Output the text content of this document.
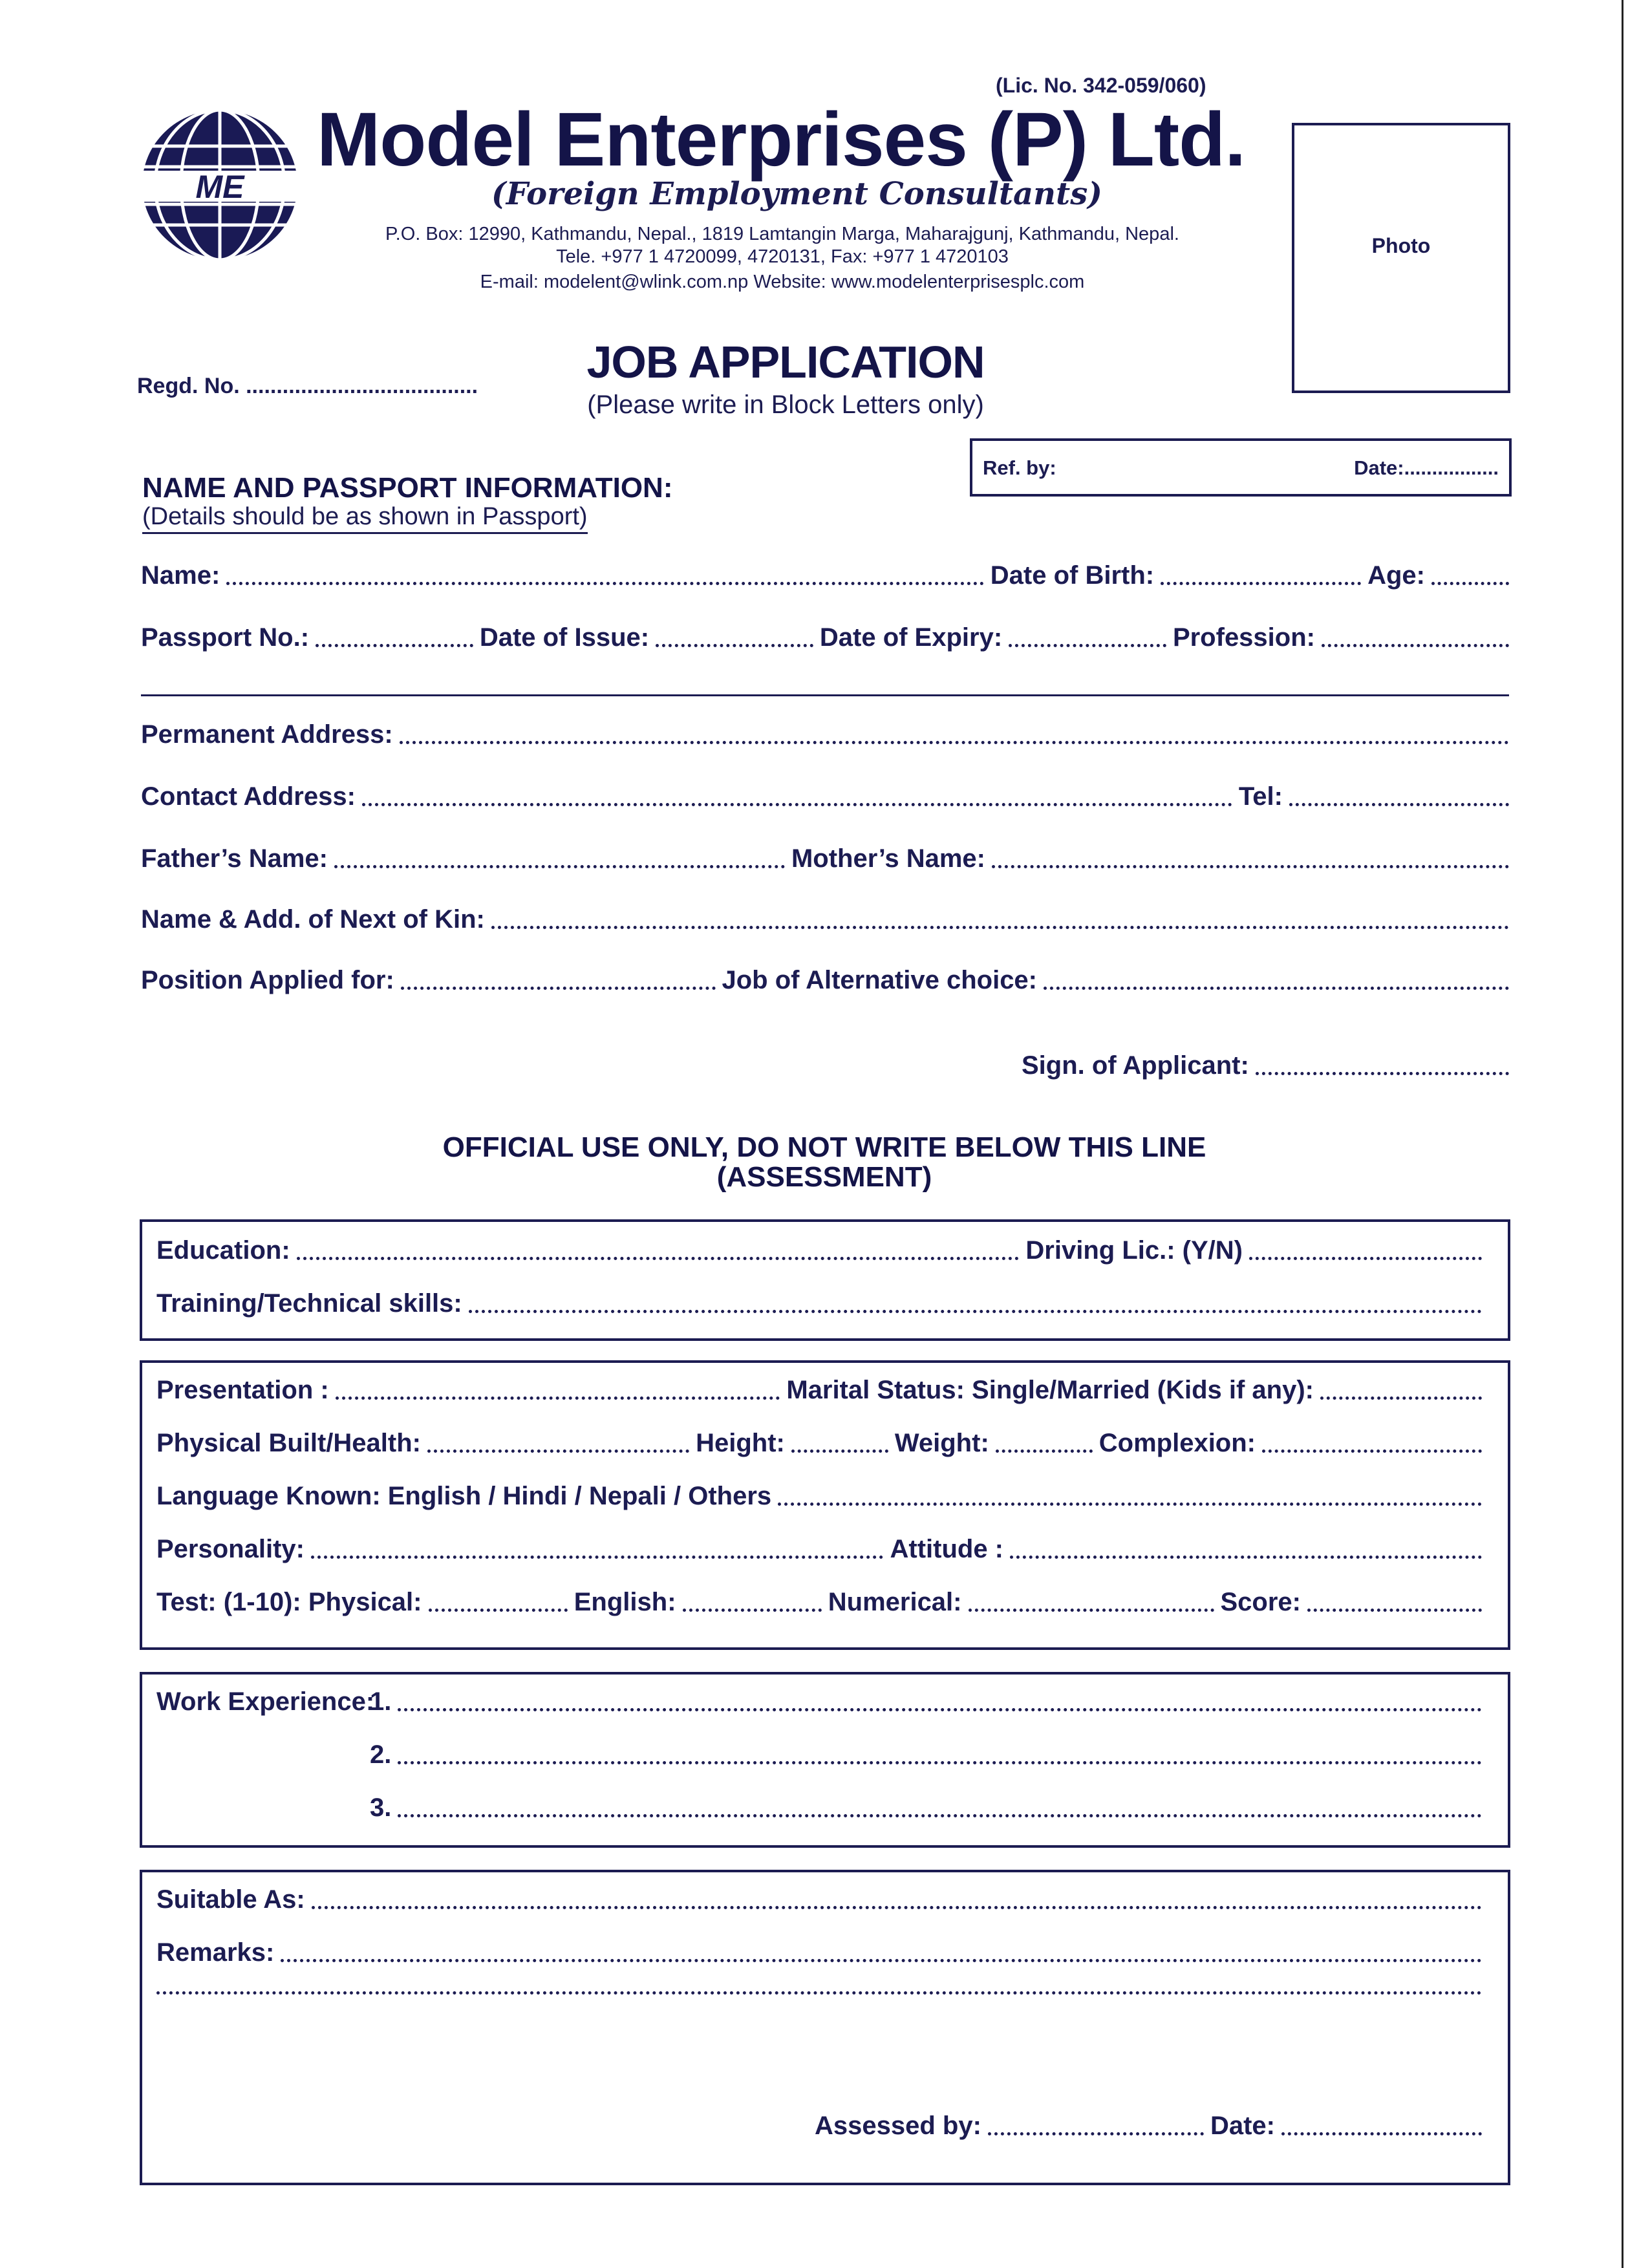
(Lic. No. 342-059/060)
ME
Model Enterprises (P) Ltd.
(Foreign Employment Consultants)
P.O. Box: 12990, Kathmandu, Nepal., 1819 Lamtangin Marga, Maharajgunj, Kathmandu, Nepal.
Tele. +977 1 4720099, 4720131, Fax: +977 1 4720103
E-mail: modelent@wlink.com.np Website: www.modelenterprisesplc.com
Photo
Regd. No. ......................................	JOB APPLICATION
(Please write in Block Letters only)
Ref. by:	Date:.................
NAME AND PASSPORT INFORMATION:
(Details should be as shown in Passport)
Name:	Date of Birth:	Age:
Passport No.:	Date of Issue:	Date of Expiry:	Profession:
Permanent Address:
Contact Address:	Tel:
Father’s Name:	Mother’s Name:
Name & Add. of Next of Kin:
Position Applied for:	Job of Alternative choice:
Sign. of Applicant:
OFFICIAL USE ONLY, DO NOT WRITE BELOW THIS LINE
(ASSESSMENT)
Education:	Driving Lic.: (Y/N)
Training/Technical skills:
Presentation :	Marital Status: Single/Married (Kids if any):
Physical Built/Health:	Height:	Weight:	Complexion:
Language Known: English / Hindi / Nepali / Others
Personality:	Attitude :
Test: (1-10): Physical:	English:	Numerical:	Score:
Work Experience:
1.
2.
3.
Suitable As:
Remarks:
Assessed by:	Date:
